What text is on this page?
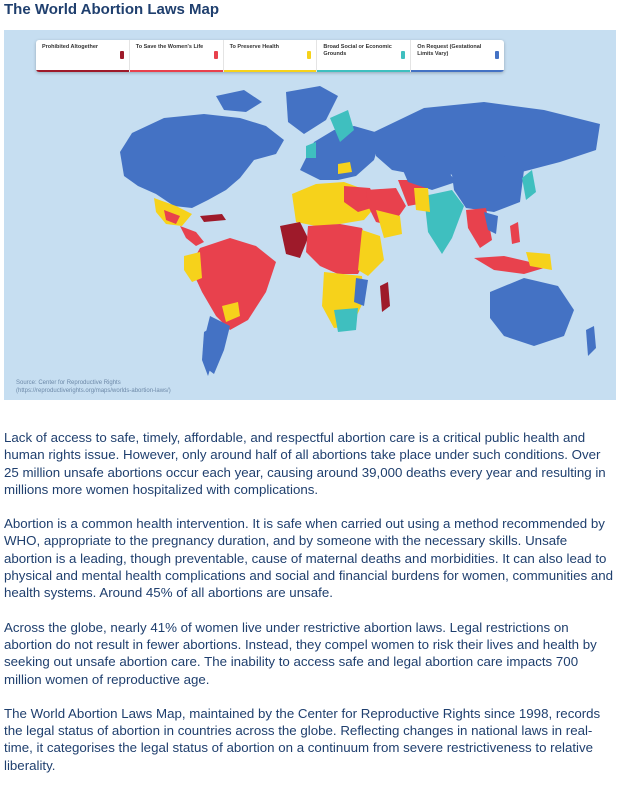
The World Abortion Laws Map
Prohibited Altogether	To Save the Women's Life	To Preserve Health	Broad Social or Economic Grounds
On Request (Gestational Limits Vary)
Source: Center for Reproductive Rights
(https://reproductiverights.org/maps/worlds-abortion-laws/)

Lack of access to safe, timely, affordable, and respectful abortion care is a critical public health and human rights issue. However, only around half of all abortions take place under such conditions. Over 25 million unsafe abortions occur each year, causing around 39,000 deaths every year and resulting in millions more women hospitalized with complications.

Abortion is a common health intervention. It is safe when carried out using a method recommended by WHO, appropriate to the pregnancy duration, and by someone with the necessary skills. Unsafe abortion is a leading, though preventable, cause of maternal deaths and morbidities. It can also lead to physical and mental health complications and social and financial burdens for women, communities and health systems. Around 45% of all abortions are unsafe.

Across the globe, nearly 41% of women live under restrictive abortion laws. Legal restrictions on abortion do not result in fewer abortions. Instead, they compel women to risk their lives and health by seeking out unsafe abortion care. The inability to access safe and legal abortion care impacts 700 million women of reproductive age.

The World Abortion Laws Map, maintained by the Center for Reproductive Rights since 1998, records the legal status of abortion in countries across the globe. Reflecting changes in national laws in real-time, it categorises the legal status of abortion on a continuum from severe restrictiveness to relative liberality.
